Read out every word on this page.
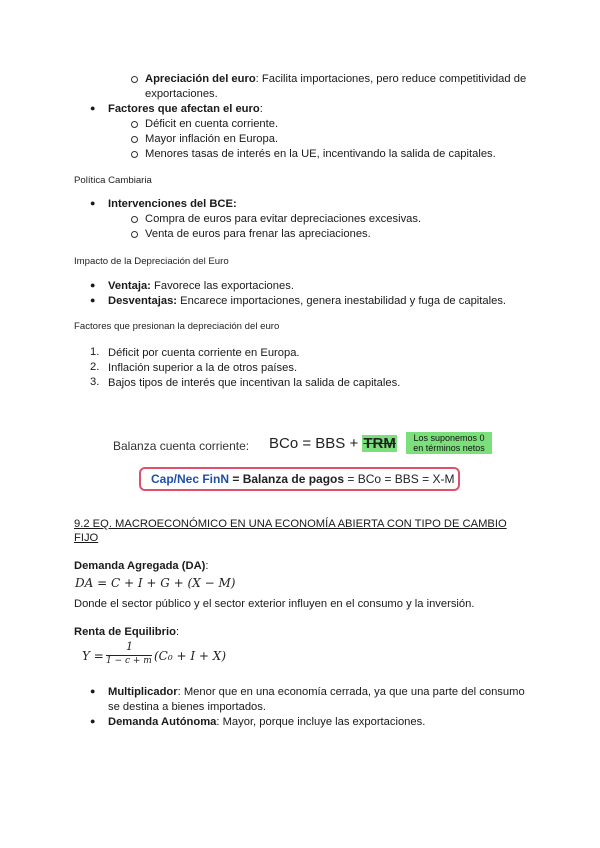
Apreciación del euro: Facilita importaciones, pero reduce competitividad de
exportaciones.
● Factores que afectan el euro:
Déficit en cuenta corriente.
Mayor inflación en Europa.
Menores tasas de interés en la UE, incentivando la salida de capitales.
Política Cambiaria
● Intervenciones del BCE:
Compra de euros para evitar depreciaciones excesivas.
Venta de euros para frenar las apreciaciones.
Impacto de la Depreciación del Euro
● Ventaja: Favorece las exportaciones.
● Desventajas: Encarece importaciones, genera inestabilidad y fuga de capitales.
Factores que presionan la depreciación del euro
1. Déficit por cuenta corriente en Europa.
2. Inflación superior a la de otros países.
3. Bajos tipos de interés que incentivan la salida de capitales.
Balanza cuenta corriente: BCo = BBS + TRM	Los suponemos 0
en términos netos
Cap/Nec FinN = Balanza de pagos = BCo = BBS = X-M
9.2 EQ. MACROECONÓMICO EN UNA ECONOMÍA ABIERTA CON TIPO DE CAMBIO
FIJO
Demanda Agregada (DA):
DA = C + I + G + (X − M)
Donde el sector público y el sector exterior influyen en el consumo y la inversión.
Renta de Equilibrio:
Y =
1
1 − c + m (C₀ + I + X)
● Multiplicador: Menor que en una economía cerrada, ya que una parte del consumo
se destina a bienes importados.
● Demanda Autónoma: Mayor, porque incluye las exportaciones.
